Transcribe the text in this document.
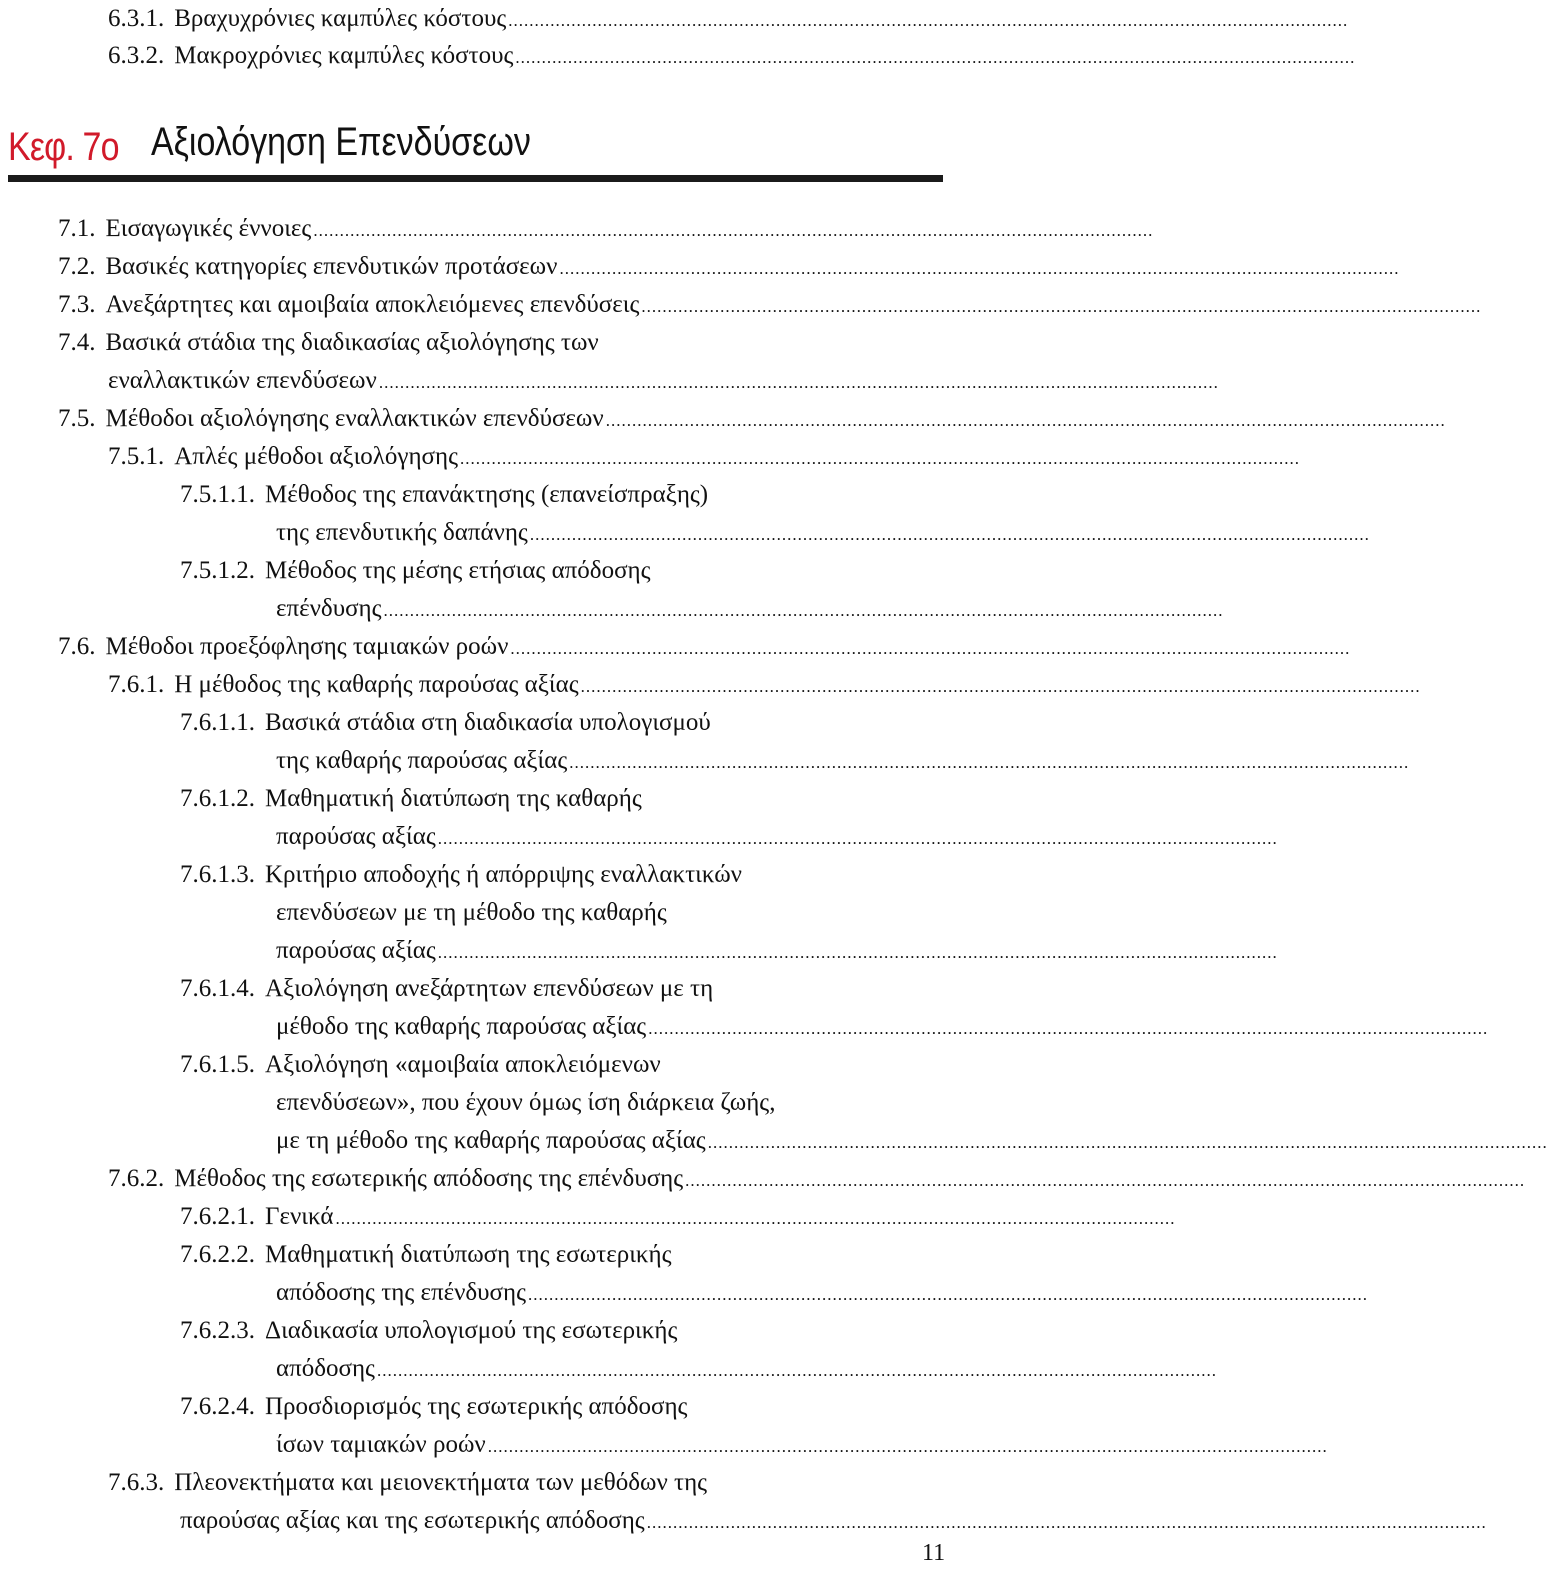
6.3.1. Βραχυχρόνιες καμπύλες κόστους
.....
6.3.2. Μακροχρόνιες καμπύλες κόστους
.....
Κεφ. 7ο Αξιολόγηση Επενδύσεων
7.1. Εισαγωγικές έννοιες
.....
7.2. Βασικές κατηγορίες επενδυτικών προτάσεων
.....
7.3. Ανεξάρτητες και αμοιβαία αποκλειόμενες επενδύσεις
.....
7.4. Βασικά στάδια της διαδικασίας αξιολόγησης των
εναλλακτικών επενδύσεων
.....
7.5. Μέθοδοι αξιολόγησης εναλλακτικών επενδύσεων
.....
7.5.1. Απλές μέθοδοι αξιολόγησης
.....
7.5.1.1. Μέθοδος της επανάκτησης (επανείσπραξης)
της επενδυτικής δαπάνης
.....
7.5.1.2. Μέθοδος της μέσης ετήσιας απόδοσης
επένδυσης
.....
7.6. Μέθοδοι προεξόφλησης ταμιακών ροών
.....
7.6.1. Η μέθοδος της καθαρής παρούσας αξίας
.....
7.6.1.1. Βασικά στάδια στη διαδικασία υπολογισμού
της καθαρής παρούσας αξίας
.....
7.6.1.2. Μαθηματική διατύπωση της καθαρής
παρούσας αξίας
.....
7.6.1.3. Κριτήριο αποδοχής ή απόρριψης εναλλακτικών
επενδύσεων με τη μέθοδο της καθαρής
παρούσας αξίας
.....
7.6.1.4. Αξιολόγηση ανεξάρτητων επενδύσεων με τη
μέθοδο της καθαρής παρούσας αξίας
.....
7.6.1.5. Αξιολόγηση «αμοιβαία αποκλειόμενων
επενδύσεων», που έχουν όμως ίση διάρκεια ζωής,
με τη μέθοδο της καθαρής παρούσας αξίας
.....
7.6.2. Μέθοδος της εσωτερικής απόδοσης της επένδυσης
.....
7.6.2.1. Γενικά
.....
7.6.2.2. Μαθηματική διατύπωση της εσωτερικής
απόδοσης της επένδυσης
.....
7.6.2.3. Διαδικασία υπολογισμού της εσωτερικής
απόδοσης
.....
7.6.2.4. Προσδιορισμός της εσωτερικής απόδοσης
ίσων ταμιακών ροών
.....
7.6.3. Πλεονεκτήματα και μειονεκτήματα των μεθόδων της
παρούσας αξίας και της εσωτερικής απόδοσης
.....
11
